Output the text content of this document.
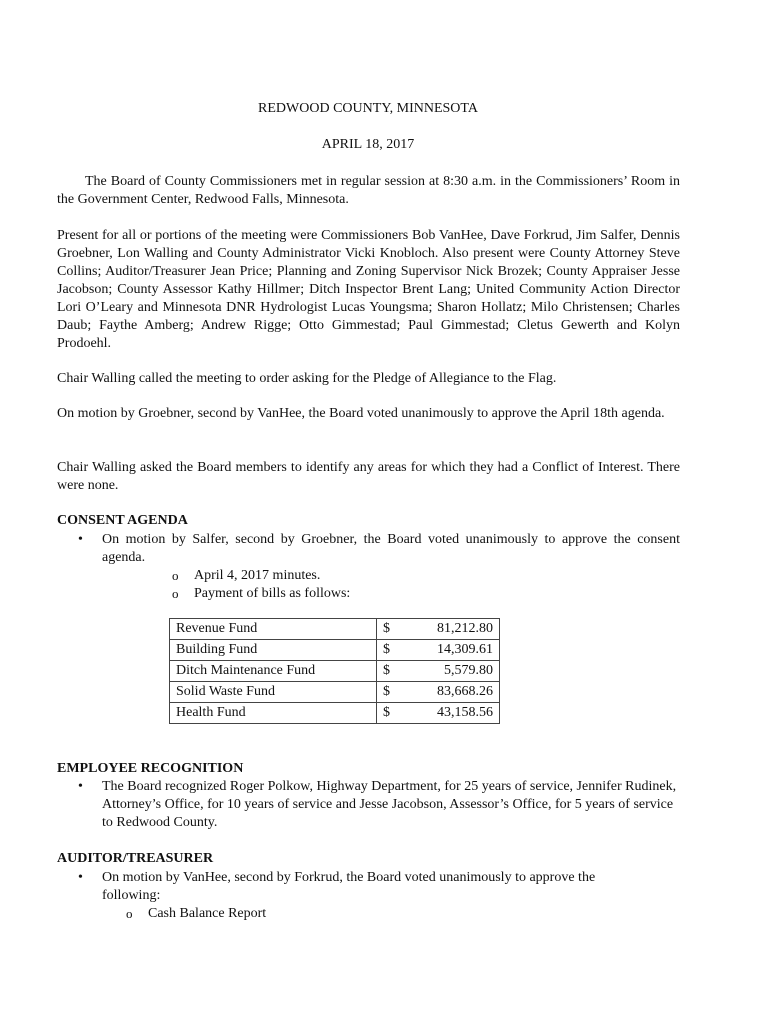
REDWOOD COUNTY, MINNESOTA
APRIL 18, 2017
The Board of County Commissioners met in regular session at 8:30 a.m. in the Commissioners’ Room in the Government Center, Redwood Falls, Minnesota.
Present for all or portions of the meeting were Commissioners Bob VanHee, Dave Forkrud, Jim Salfer, Dennis Groebner, Lon Walling and County Administrator Vicki Knobloch. Also present were County Attorney Steve Collins; Auditor/Treasurer Jean Price; Planning and Zoning Supervisor Nick Brozek; County Appraiser Jesse Jacobson; County Assessor Kathy Hillmer; Ditch Inspector Brent Lang; United Community Action Director Lori O’Leary and Minnesota DNR Hydrologist Lucas Youngsma; Sharon Hollatz; Milo Christensen; Charles Daub; Faythe Amberg; Andrew Rigge; Otto Gimmestad; Paul Gimmestad; Cletus Gewerth and Kolyn Prodoehl.
Chair Walling called the meeting to order asking for the Pledge of Allegiance to the Flag.
On motion by Groebner, second by VanHee, the Board voted unanimously to approve the April 18th agenda.
Chair Walling asked the Board members to identify any areas for which they had a Conflict of Interest. There were none.
CONSENT AGENDA
• On motion by Salfer, second by Groebner, the Board voted unanimously to approve the consent agenda.
o April 4, 2017 minutes.
o Payment of bills as follows:
Revenue Fund	$	81,212.80
Building Fund	$	14,309.61
Ditch Maintenance Fund	$	5,579.80
Solid Waste Fund	$	83,668.26
Health Fund	$	43,158.56
EMPLOYEE RECOGNITION
• The Board recognized Roger Polkow, Highway Department, for 25 years of service, Jennifer Rudinek, Attorney’s Office, for 10 years of service and Jesse Jacobson, Assessor’s Office, for 5 years of service to Redwood County.
AUDITOR/TREASURER
• On motion by VanHee, second by Forkrud, the Board voted unanimously to approve the following:
o Cash Balance Report
